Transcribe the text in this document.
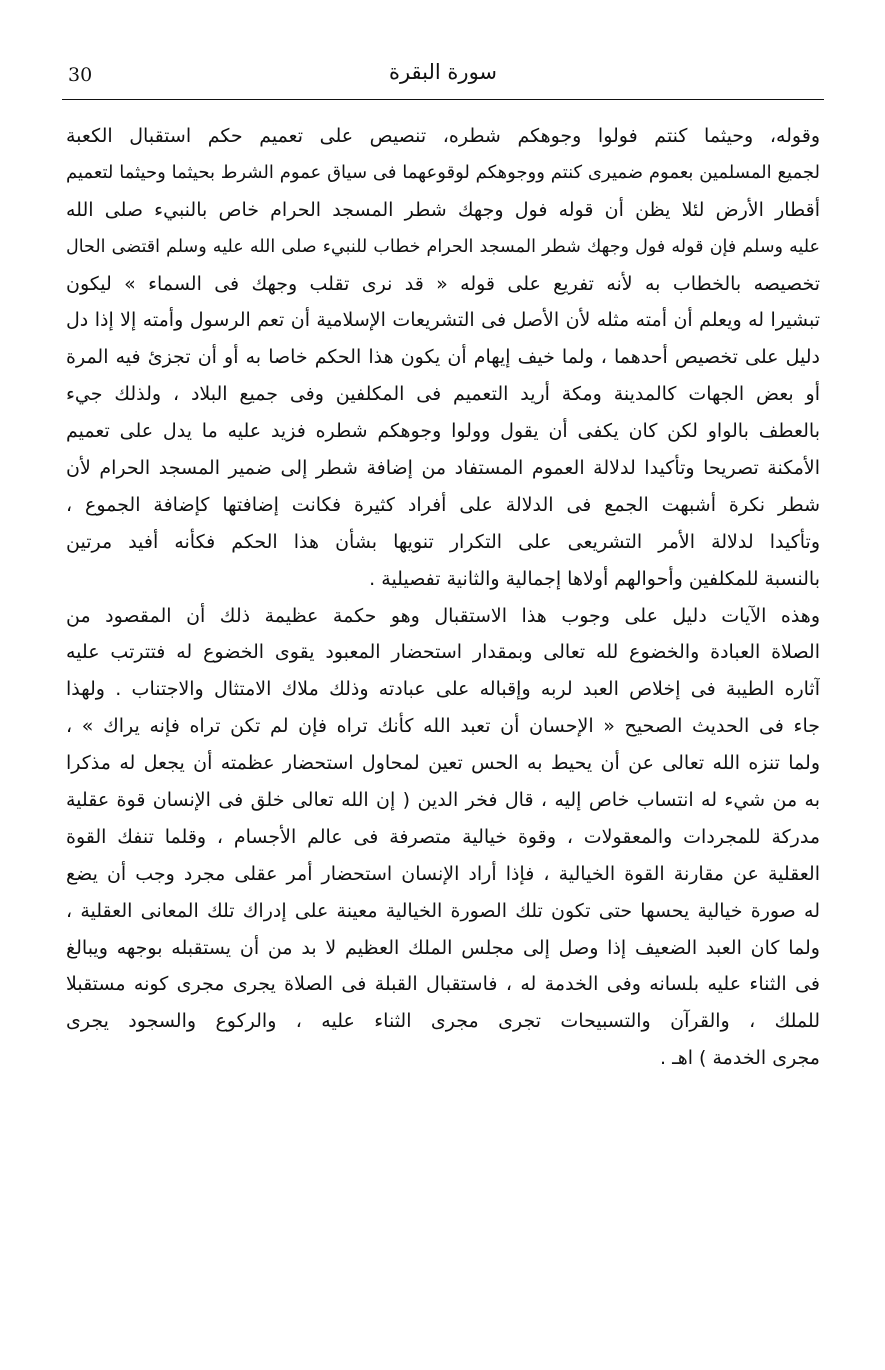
30	سورة البقرة
وقوله، وحيثما كنتم فولوا وجوهكم شطره، تنصيص على تعميم حكم استقبال الكعبة
لجميع المسلمين بعموم ضميرى كنتم ووجوهكم لوقوعهما فى سياق عموم الشرط بحيثما وحيثما لتعميم
أقطار الأرض لئلا يظن أن قوله فول وجهك شطر المسجد الحرام خاص بالنبيء صلى الله
عليه وسلم فإن قوله فول وجهك شطر المسجد الحرام خطاب للنبيء صلى الله عليه وسلم اقتضى الحال
تخصيصه بالخطاب به لأنه تفريع على قوله « قد نرى تقلب وجهك فى السماء » ليكون
تبشيرا له ويعلم أن أمته مثله لأن الأصل فى التشريعات الإسلامية أن تعم الرسول وأمته إلا إذا دل
دليل على تخصيص أحدهما ، ولما خيف إيهام أن يكون هذا الحكم خاصا به أو أن تجزئ فيه المرة
أو بعض الجهات كالمدينة ومكة أريد التعميم فى المكلفين وفى جميع البلاد ، ولذلك جيء
بالعطف بالواو لكن كان يكفى أن يقول وولوا وجوهكم شطره فزيد عليه ما يدل على تعميم
الأمكنة تصريحا وتأكيدا لدلالة العموم المستفاد من إضافة شطر إلى ضمير المسجد الحرام لأن
شطر نكرة أشبهت الجمع فى الدلالة على أفراد كثيرة فكانت إضافتها كإضافة الجموع ،
وتأكيدا لدلالة الأمر التشريعى على التكرار تنويها بشأن هذا الحكم فكأنه أفيد مرتين
بالنسبة للمكلفين وأحوالهم أولاها إجمالية والثانية تفصيلية .
وهذه الآيات دليل على وجوب هذا الاستقبال وهو حكمة عظيمة ذلك أن المقصود من
الصلاة العبادة والخضوع لله تعالى وبمقدار استحضار المعبود يقوى الخضوع له فتترتب عليه
آثاره الطيبة فى إخلاص العبد لربه وإقباله على عبادته وذلك ملاك الامتثال والاجتناب . ولهذا
جاء فى الحديث الصحيح « الإحسان أن تعبد الله كأنك تراه فإن لم تكن تراه فإنه يراك » ،
ولما تنزه الله تعالى عن أن يحيط به الحس تعين لمحاول استحضار عظمته أن يجعل له مذكرا
به من شيء له انتساب خاص إليه ، قال فخر الدين ( إن الله تعالى خلق فى الإنسان قوة عقلية
مدركة للمجردات والمعقولات ، وقوة خيالية متصرفة فى عالم الأجسام ، وقلما تنفك القوة
العقلية عن مقارنة القوة الخيالية ، فإذا أراد الإنسان استحضار أمر عقلى مجرد وجب أن يضع
له صورة خيالية يحسها حتى تكون تلك الصورة الخيالية معينة على إدراك تلك المعانى العقلية ،
ولما كان العبد الضعيف إذا وصل إلى مجلس الملك العظيم لا بد من أن يستقبله بوجهه ويبالغ
فى الثناء عليه بلسانه وفى الخدمة له ، فاستقبال القبلة فى الصلاة يجرى مجرى كونه مستقبلا
للملك ، والقرآن والتسبيحات تجرى مجرى الثناء عليه ، والركوع والسجود يجرى
مجرى الخدمة ) اهـ .
